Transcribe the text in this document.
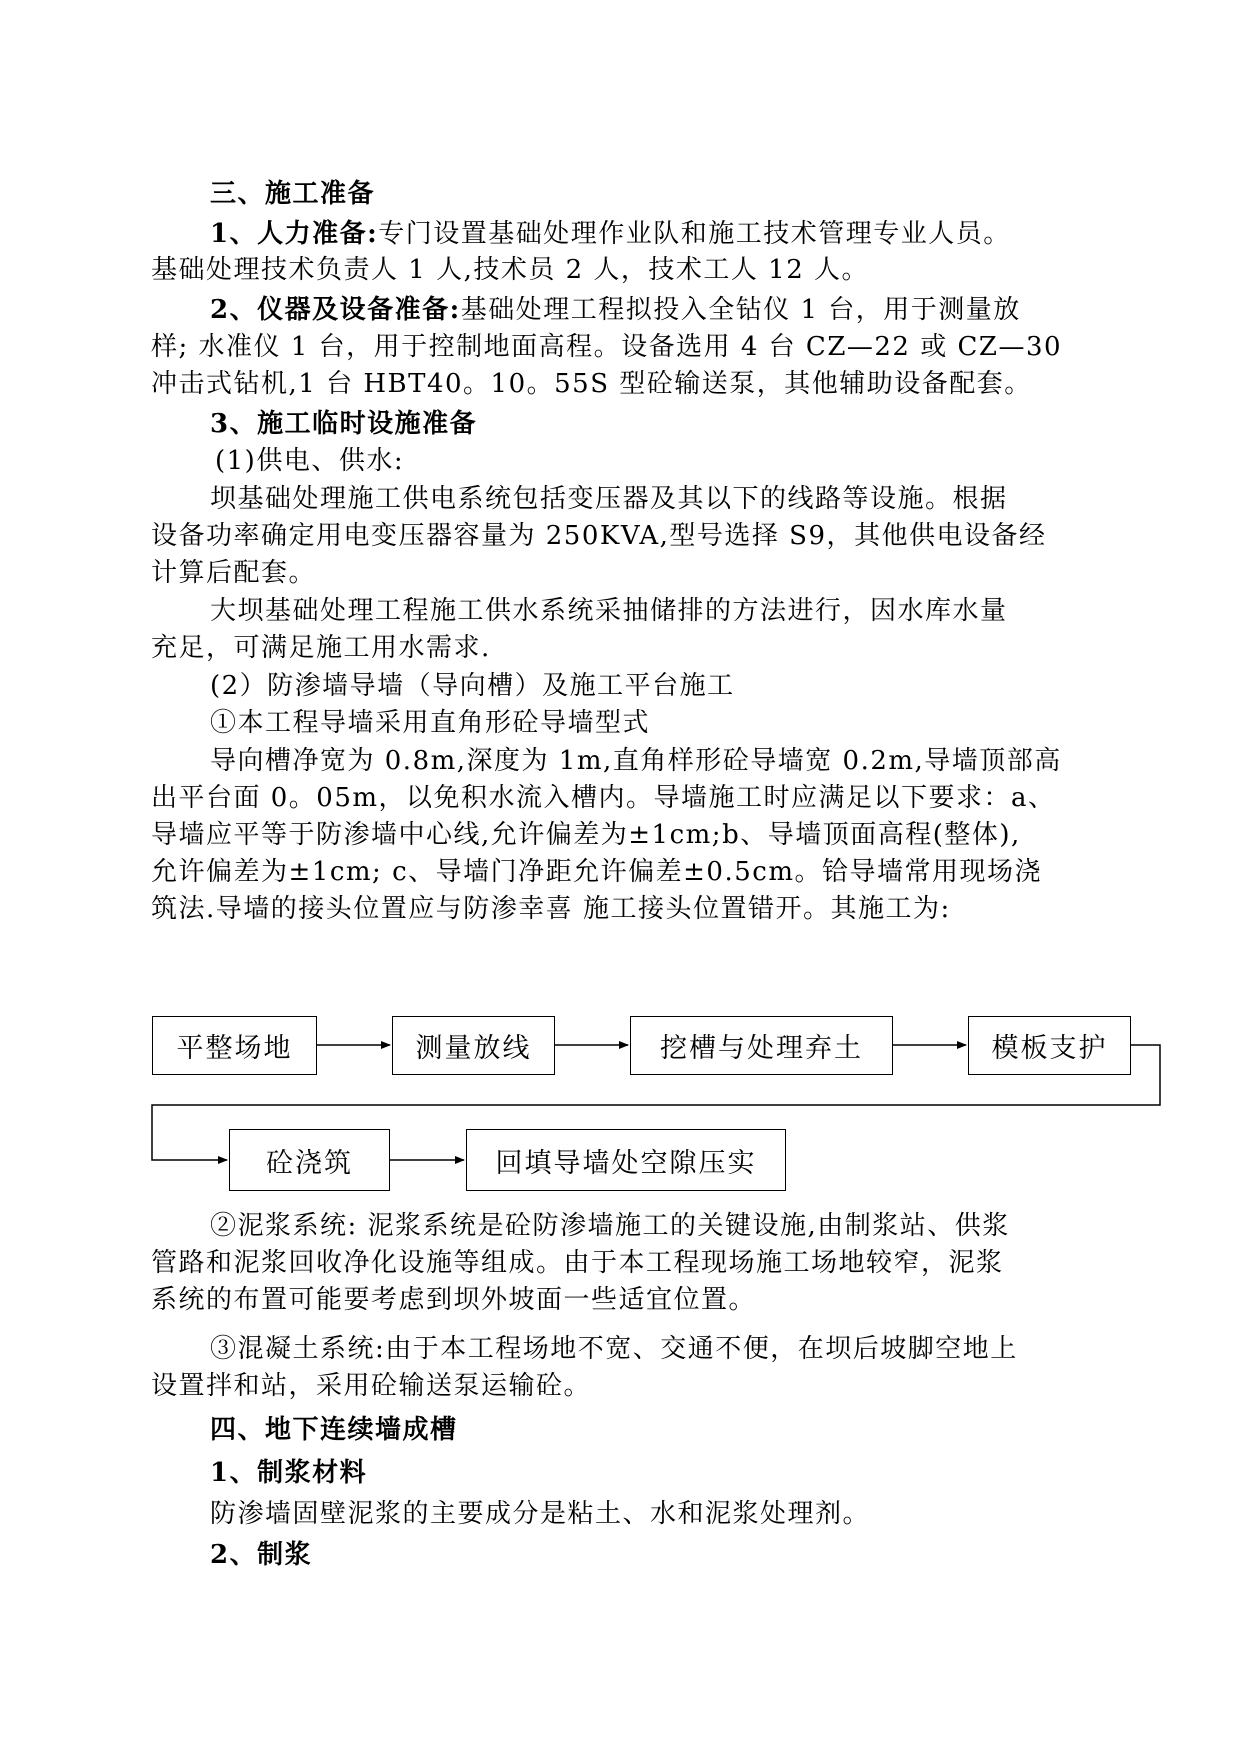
三、施工准备
1、人力准备:专门设置基础处理作业队和施工技术管理专业人员。
基础处理技术负责人 1 人,技术员 2 人，技术工人 12 人。
2、仪器及设备准备:基础处理工程拟投入全钻仪 1 台，用于测量放
样; 水准仪 1 台，用于控制地面高程。设备选用 4 台 CZ—22 或 CZ—30
冲击式钻机,1 台 HBT40。10。55S 型砼输送泵，其他辅助设备配套。
3、施工临时设施准备
(1)供电、供水:
坝基础处理施工供电系统包括变压器及其以下的线路等设施。根据
设备功率确定用电变压器容量为 250KVA,型号选择 S9，其他供电设备经
计算后配套。
大坝基础处理工程施工供水系统采抽储排的方法进行，因水库水量
充足，可满足施工用水需求.
(2）防渗墙导墙（导向槽）及施工平台施工
①本工程导墙采用直角形砼导墙型式
导向槽净宽为 0.8m,深度为 1m,直角样形砼导墙宽 0.2m,导墙顶部高
出平台面 0。05m，以免积水流入槽内。导墙施工时应满足以下要求：a、
导墙应平等于防渗墙中心线,允许偏差为±1cm;b、导墙顶面高程(整体),
允许偏差为±1cm; c、导墙门净距允许偏差±0.5cm。铪导墙常用现场浇
筑法.导墙的接头位置应与防渗幸喜 施工接头位置错开。其施工为:
平整场地	测量放线	挖槽与处理弃土	模板支护
砼浇筑	回填导墙处空隙压实
②泥浆系统: 泥浆系统是砼防渗墙施工的关键设施,由制浆站、供浆
管路和泥浆回收净化设施等组成。由于本工程现场施工场地较窄，泥浆
系统的布置可能要考虑到坝外坡面一些适宜位置。
③混凝土系统:由于本工程场地不宽、交通不便，在坝后坡脚空地上
设置拌和站，采用砼输送泵运输砼。
四、地下连续墙成槽
1、制浆材料
防渗墙固壁泥浆的主要成分是粘土、水和泥浆处理剂。
2、制浆
